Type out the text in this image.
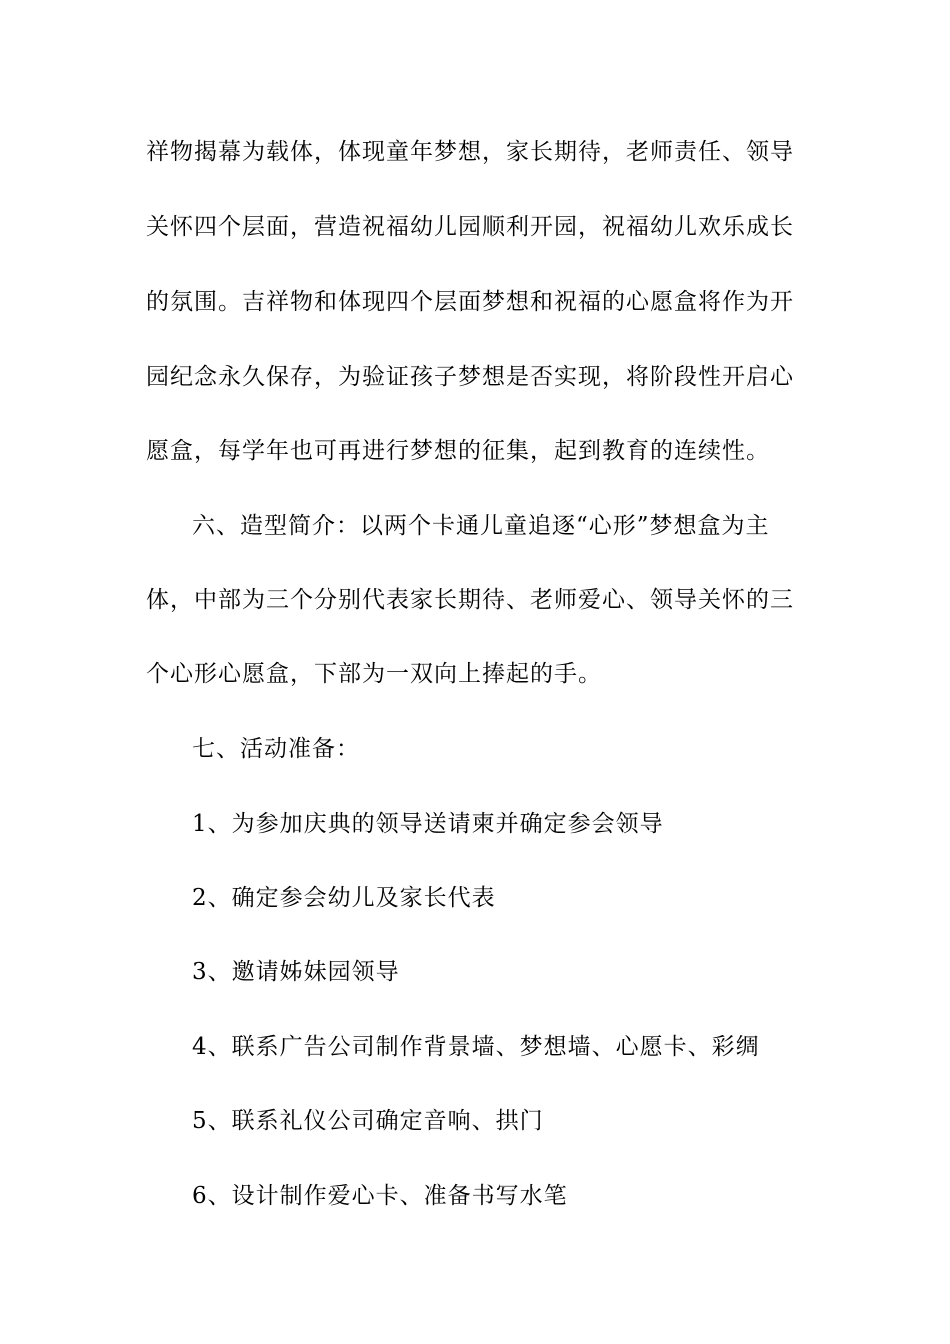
祥物揭幕为载体，体现童年梦想，家长期待，老师责任、领导
关怀四个层面，营造祝福幼儿园顺利开园，祝福幼儿欢乐成长
的氛围。吉祥物和体现四个层面梦想和祝福的心愿盒将作为开
园纪念永久保存，为验证孩子梦想是否实现，将阶段性开启心
愿盒，每学年也可再进行梦想的征集，起到教育的连续性。
六、造型简介：以两个卡通儿童追逐“心形”梦想盒为主
体，中部为三个分别代表家长期待、老师爱心、领导关怀的三
个心形心愿盒，下部为一双向上捧起的手。
七、活动准备：
1、为参加庆典的领导送请柬并确定参会领导
2、确定参会幼儿及家长代表
3、邀请姊妹园领导
4、联系广告公司制作背景墙、梦想墙、心愿卡、彩绸
5、联系礼仪公司确定音响、拱门
6、设计制作爱心卡、准备书写水笔
